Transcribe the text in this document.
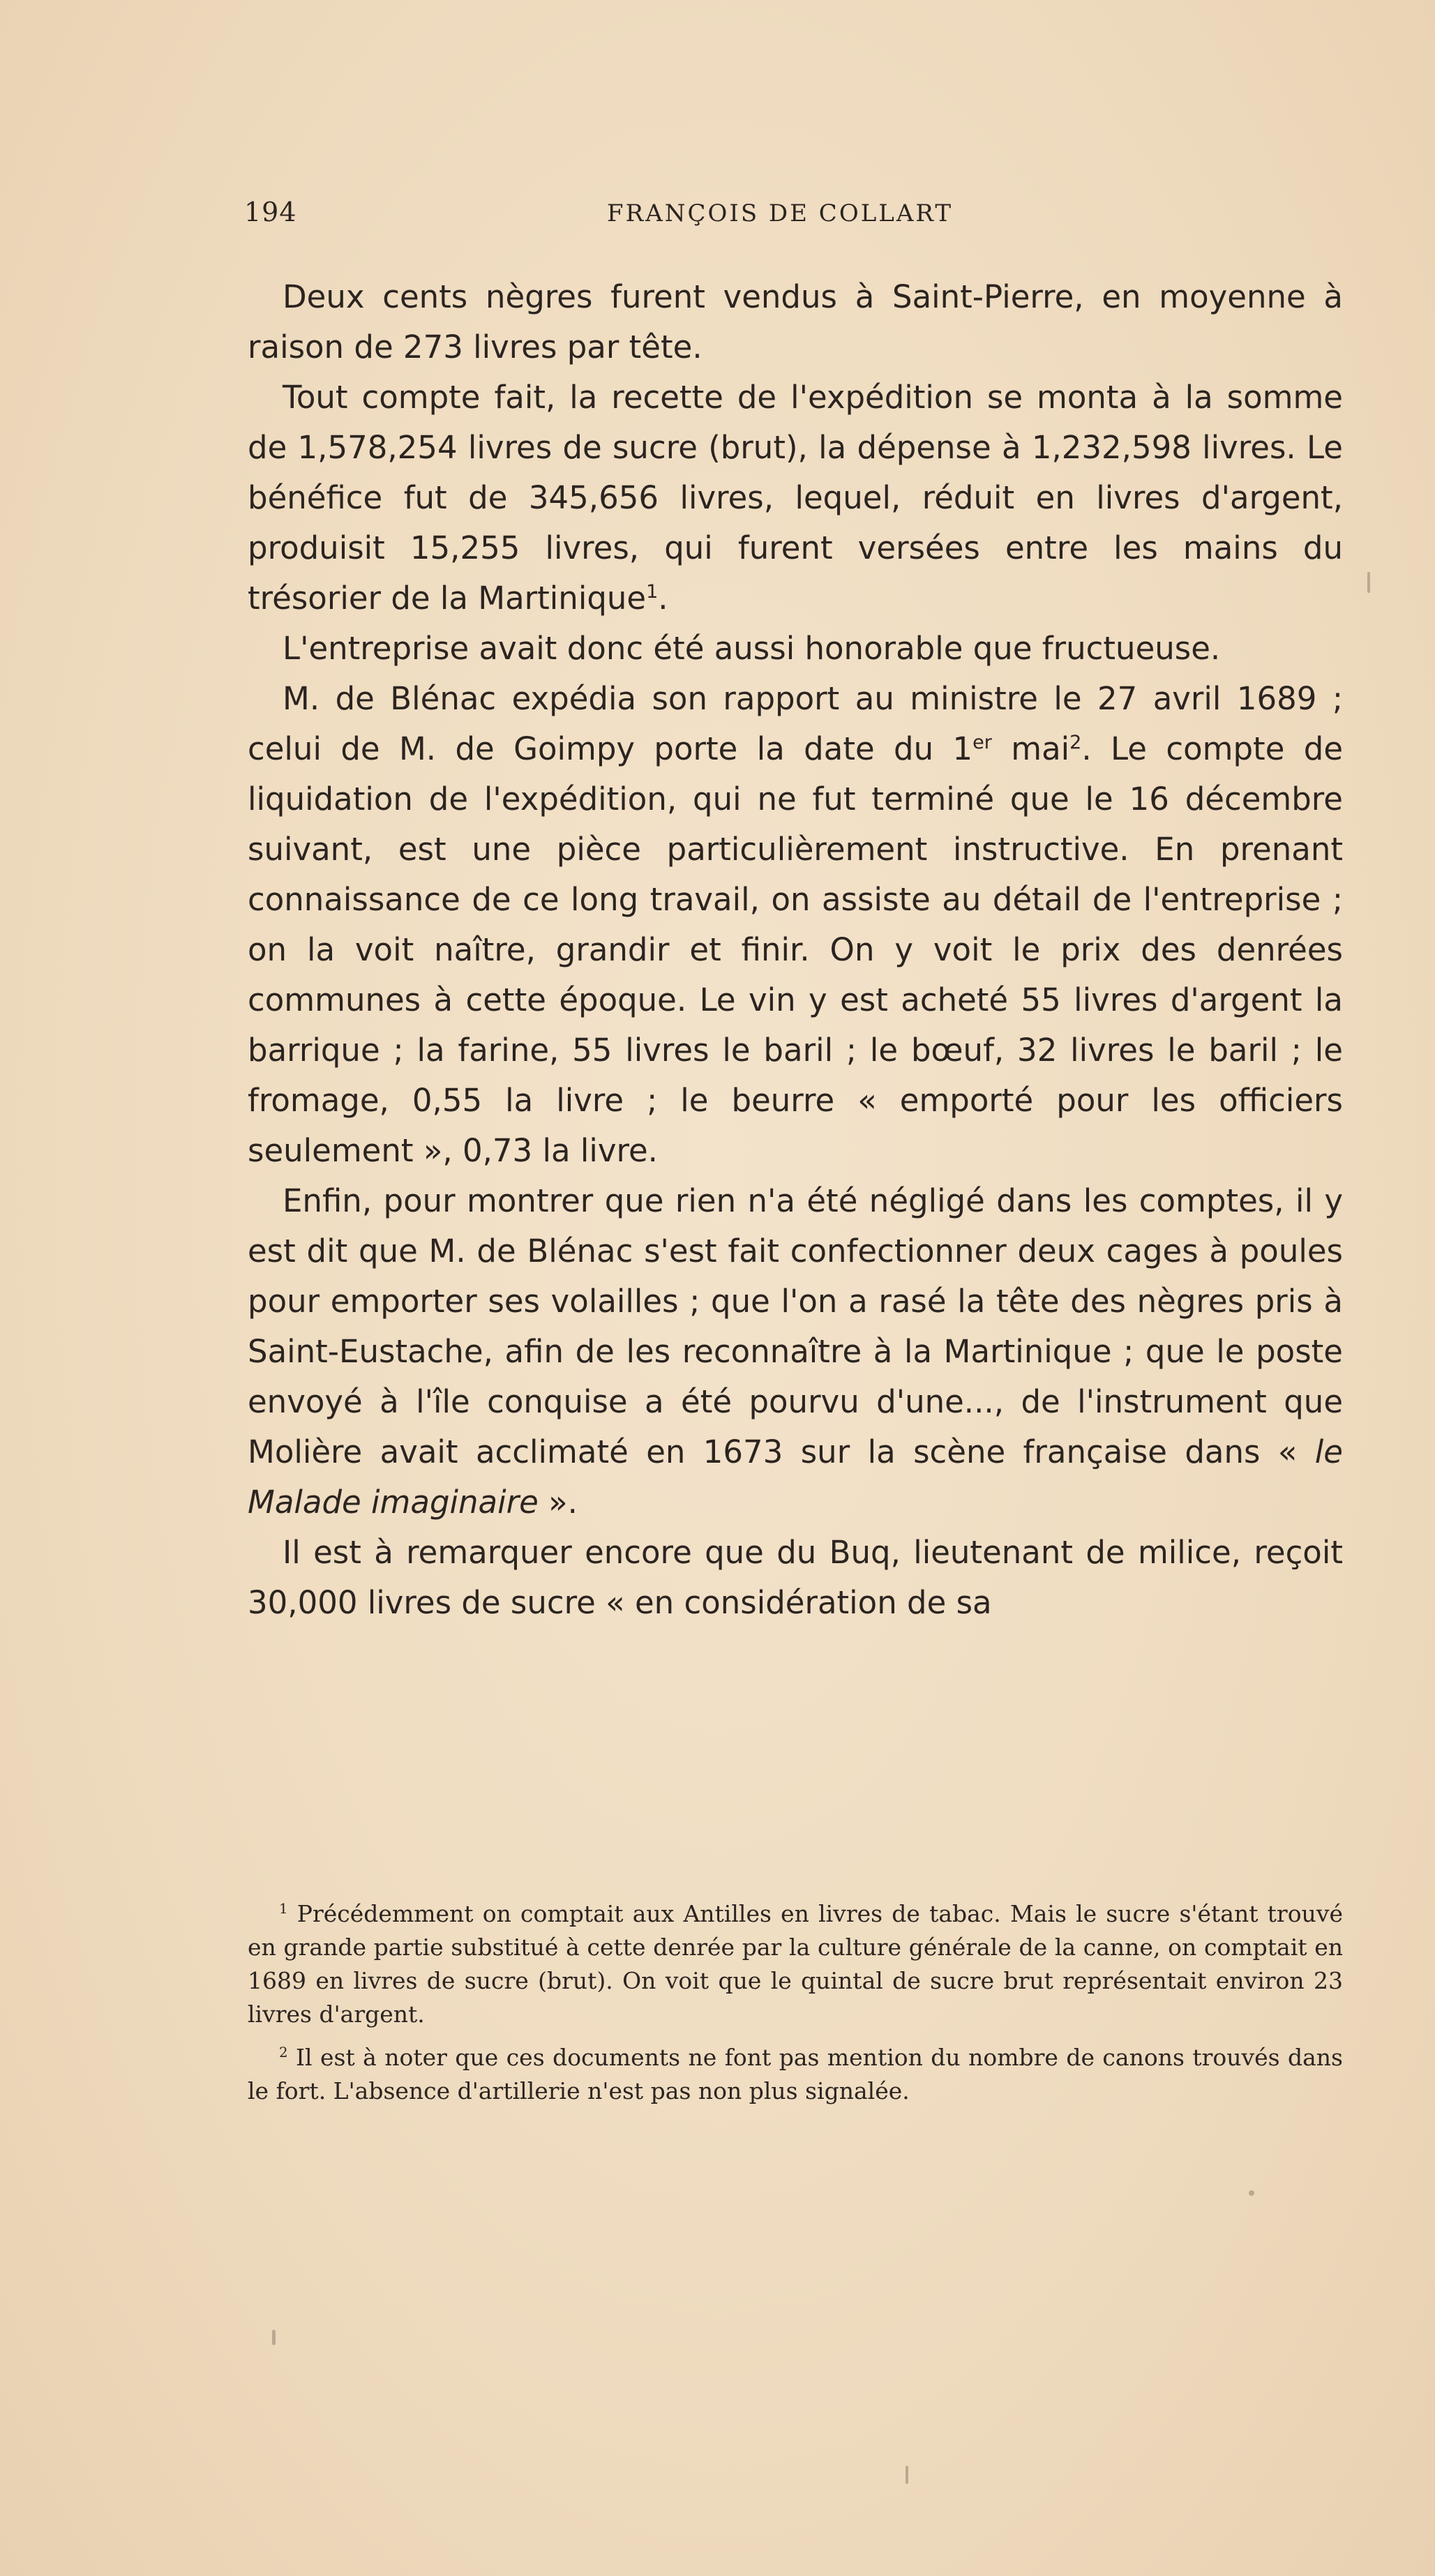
194	FRANÇOIS DE COLLART

Deux cents nègres furent vendus à Saint-Pierre, en moyenne à raison de 273 livres par tête.

Tout compte fait, la recette de l'expédition se monta à la somme de 1,578,254 livres de sucre (brut), la dépense à 1,232,598 livres. Le bénéfice fut de 345,656 livres, lequel, réduit en livres d'argent, produisit 15,255 livres, qui furent versées entre les mains du trésorier de la Martinique$^1$.

L'entreprise avait donc été aussi honorable que fructueuse.

M. de Blénac expédia son rapport au ministre le 27 avril 1689 ; celui de M. de Goimpy porte la date du 1er mai$^2$. Le compte de liquidation de l'expédition, qui ne fut terminé que le 16 décembre suivant, est une pièce particulièrement instructive. En prenant connaissance de ce long travail, on assiste au détail de l'entreprise ; on la voit naître, grandir et finir. On y voit le prix des denrées communes à cette époque. Le vin y est acheté 55 livres d'argent la barrique ; la farine, 55 livres le baril ; le bœuf, 32 livres le baril ; le fromage, 0,55 la livre ; le beurre « emporté pour les officiers seulement », 0,73 la livre.

Enfin, pour montrer que rien n'a été négligé dans les comptes, il y est dit que M. de Blénac s'est fait confectionner deux cages à poules pour emporter ses volailles ; que l'on a rasé la tête des nègres pris à Saint-Eustache, afin de les reconnaître à la Martinique ; que le poste envoyé à l'île conquise a été pourvu d'une..., de l'instrument que Molière avait acclimaté en 1673 sur la scène française dans « le Malade imaginaire ».

Il est à remarquer encore que du Buq, lieutenant de milice, reçoit 30,000 livres de sucre « en considération de sa

$^1$ Précédemment on comptait aux Antilles en livres de tabac. Mais le sucre s'étant trouvé en grande partie substitué à cette denrée par la culture générale de la canne, on comptait en 1689 en livres de sucre (brut). On voit que le quintal de sucre brut représentait environ 23 livres d'argent.

$^2$ Il est à noter que ces documents ne font pas mention du nombre de canons trouvés dans le fort. L'absence d'artillerie n'est pas non plus signalée.
